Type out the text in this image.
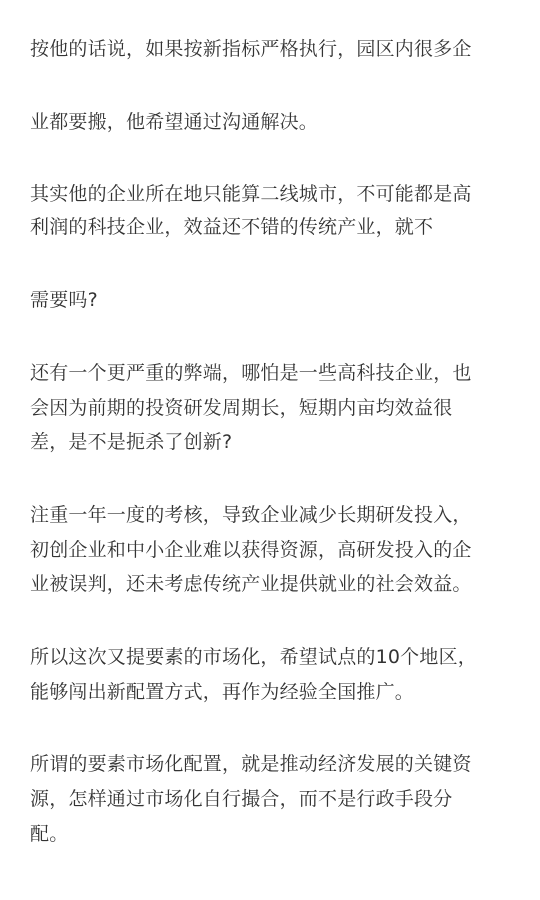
按他的话说，如果按新指标严格执行，园区内很多企
业都要搬，他希望通过沟通解决。
其实他的企业所在地只能算二线城市，不可能都是高
利润的科技企业，效益还不错的传统产业，就不
需要吗?
还有一个更严重的弊端，哪怕是一些高科技企业，也
会因为前期的投资研发周期长，短期内亩均效益很
差，是不是扼杀了创新?
注重一年一度的考核，导致企业减少长期研发投入，
初创企业和中小企业难以获得资源，高研发投入的企
业被误判，还未考虑传统产业提供就业的社会效益。
所以这次又提要素的市场化，希望试点的10个地区，
能够闯出新配置方式，再作为经验全国推广。
所谓的要素市场化配置，就是推动经济发展的关键资
源，怎样通过市场化自行撮合，而不是行政手段分
配。
